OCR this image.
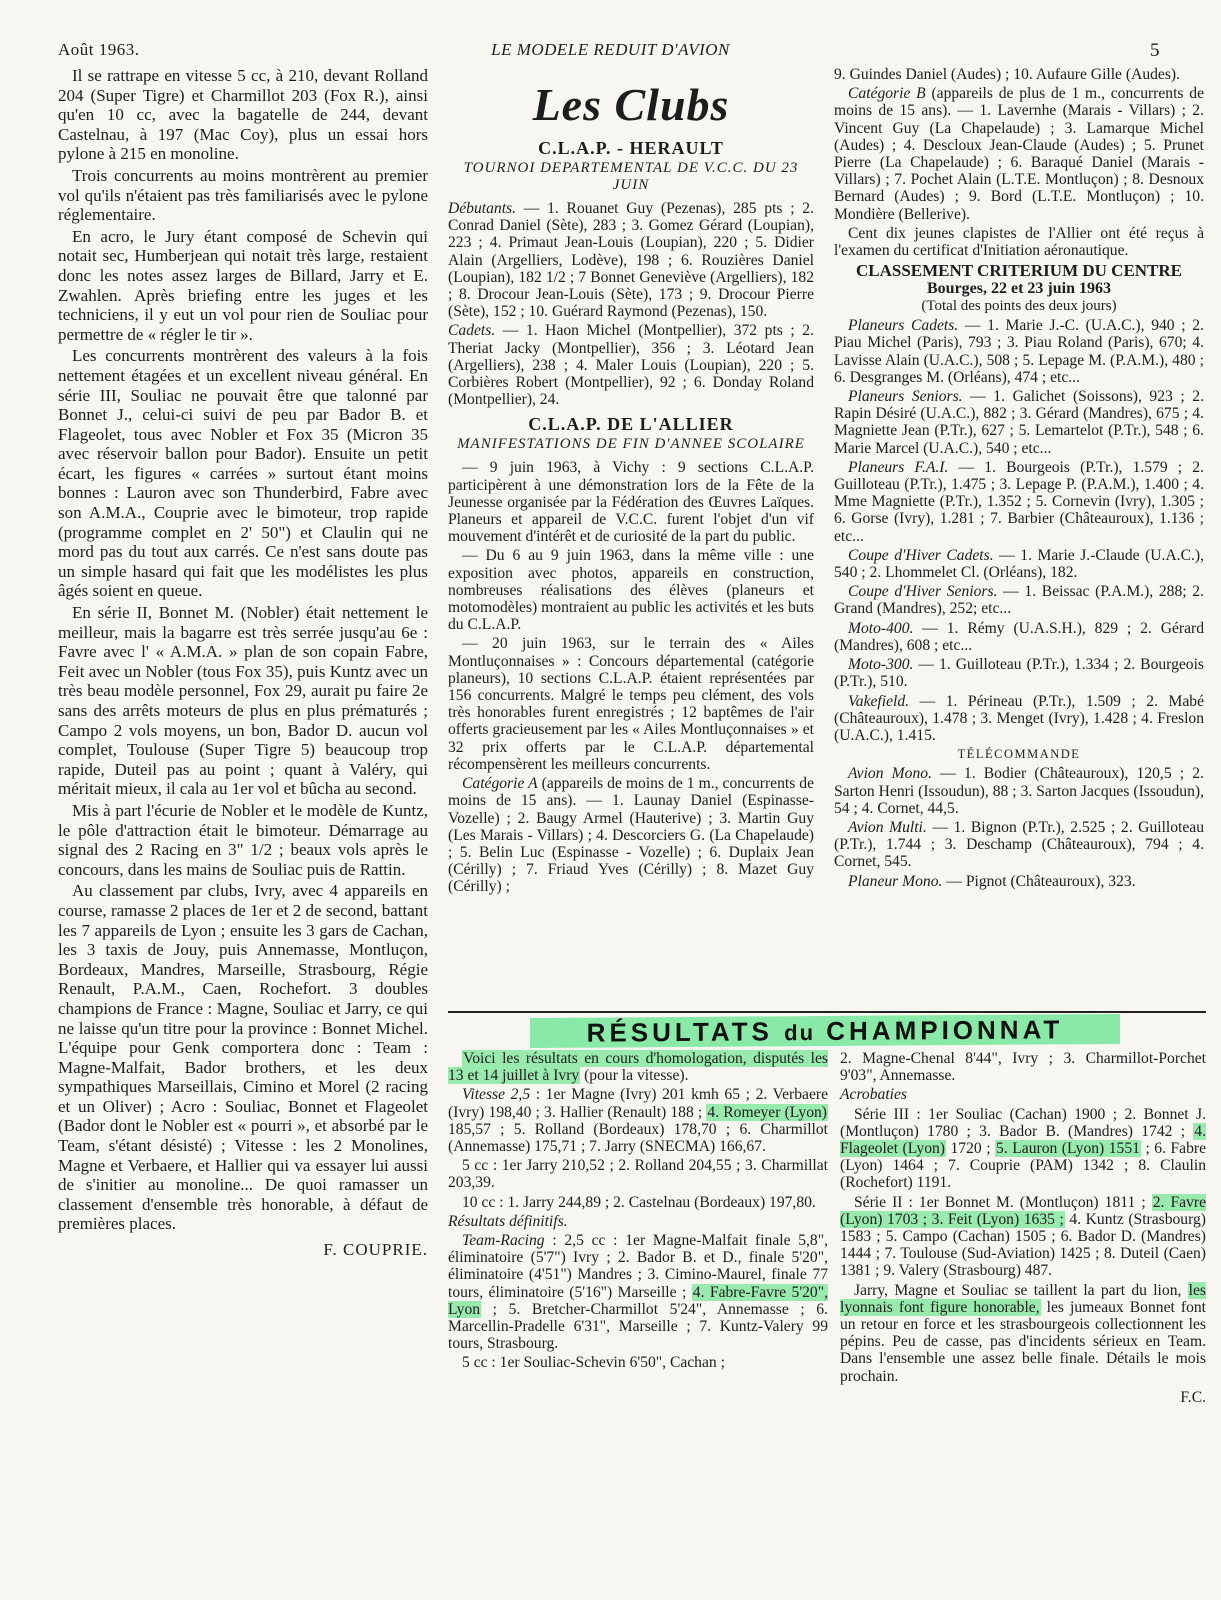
Août 1963.	LE MODELE REDUIT D'AVION	5

Il se rattrape en vitesse 5 cc, à 210, devant Rolland 204 (Super Tigre) et Charmillot 203 (Fox R.), ainsi qu'en 10 cc, avec la bagatelle de 244, devant Castelnau, à 197 (Mac Coy), plus un essai hors pylone à 215 en monoline.

Trois concurrents au moins montrèrent au premier vol qu'ils n'étaient pas très familiarisés avec le pylone réglementaire.

En acro, le Jury étant composé de Schevin qui notait sec, Humberjean qui notait très large, restaient donc les notes assez larges de Billard, Jarry et E. Zwahlen. Après briefing entre les juges et les techniciens, il y eut un vol pour rien de Souliac pour permettre de « régler le tir ».

Les concurrents montrèrent des valeurs à la fois nettement étagées et un excellent niveau général. En série III, Souliac ne pouvait être que talonné par Bonnet J., celui-ci suivi de peu par Bador B. et Flageolet, tous avec Nobler et Fox 35 (Micron 35 avec réservoir ballon pour Bador). Ensuite un petit écart, les figures « carrées » surtout étant moins bonnes : Lauron avec son Thunderbird, Fabre avec son A.M.A., Couprie avec le bimoteur, trop rapide (programme complet en 2' 50") et Claulin qui ne mord pas du tout aux carrés. Ce n'est sans doute pas un simple hasard qui fait que les modélistes les plus âgés soient en queue.

En série II, Bonnet M. (Nobler) était nettement le meilleur, mais la bagarre est très serrée jusqu'au 6e : Favre avec l' « A.M.A. » plan de son copain Fabre, Feit avec un Nobler (tous Fox 35), puis Kuntz avec un très beau modèle personnel, Fox 29, aurait pu faire 2e sans des arrêts moteurs de plus en plus prématurés ; Campo 2 vols moyens, un bon, Bador D. aucun vol complet, Toulouse (Super Tigre 5) beaucoup trop rapide, Duteil pas au point ; quant à Valéry, qui méritait mieux, il cala au 1er vol et bûcha au second.

Mis à part l'écurie de Nobler et le modèle de Kuntz, le pôle d'attraction était le bimoteur. Démarrage au signal des 2 Racing en 3" 1/2 ; beaux vols après le concours, dans les mains de Souliac puis de Rattin.

Au classement par clubs, Ivry, avec 4 appareils en course, ramasse 2 places de 1er et 2 de second, battant les 7 appareils de Lyon ; ensuite les 3 gars de Cachan, les 3 taxis de Jouy, puis Annemasse, Montluçon, Bordeaux, Mandres, Marseille, Strasbourg, Régie Renault, P.A.M., Caen, Rochefort. 3 doubles champions de France : Magne, Souliac et Jarry, ce qui ne laisse qu'un titre pour la province : Bonnet Michel. L'équipe pour Genk comportera donc : Team : Magne-Malfait, Bador brothers, et les deux sympathiques Marseillais, Cimino et Morel (2 racing et un Oliver) ; Acro : Souliac, Bonnet et Flageolet (Bador dont le Nobler est « pourri », et absorbé par le Team, s'étant désisté) ; Vitesse : les 2 Monolines, Magne et Verbaere, et Hallier qui va essayer lui aussi de s'initier au monoline... De quoi ramasser un classement d'ensemble très honorable, à défaut de premières places.

F. COUPRIE.
Les Clubs
C.L.A.P. - HERAULT
TOURNOI DEPARTEMENTAL DE V.C.C. DU 23 JUIN

Débutants. — 1. Rouanet Guy (Pezenas), 285 pts ; 2. Conrad Daniel (Sète), 283 ; 3. Gomez Gérard (Loupian), 223 ; 4. Primaut Jean-Louis (Loupian), 220 ; 5. Didier Alain (Argelliers, Lodève), 198 ; 6. Rouzières Daniel (Loupian), 182 1/2 ; 7 Bonnet Geneviève (Argelliers), 182 ; 8. Drocour Jean-Louis (Sète), 173 ; 9. Drocour Pierre (Sète), 152 ; 10. Guérard Raymond (Pezenas), 150.

Cadets. — 1. Haon Michel (Montpellier), 372 pts ; 2. Theriat Jacky (Montpellier), 356 ; 3. Léotard Jean (Argelliers), 238 ; 4. Maler Louis (Loupian), 220 ; 5. Corbières Robert (Montpellier), 92 ; 6. Donday Roland (Montpellier), 24.

C.L.A.P. DE L'ALLIER
MANIFESTATIONS DE FIN D'ANNEE SCOLAIRE

— 9 juin 1963, à Vichy : 9 sections C.L.A.P. participèrent à une démonstration lors de la Fête de la Jeunesse organisée par la Fédération des Œuvres Laïques. Planeurs et appareil de V.C.C. furent l'objet d'un vif mouvement d'intérêt et de curiosité de la part du public.

— Du 6 au 9 juin 1963, dans la même ville : une exposition avec photos, appareils en construction, nombreuses réalisations des élèves (planeurs et motomodèles) montraient au public les activités et les buts du C.L.A.P.

— 20 juin 1963, sur le terrain des « Ailes Montluçonnaises » : Concours départemental (catégorie planeurs), 10 sections C.L.A.P. étaient représentées par 156 concurrents. Malgré le temps peu clément, des vols très honorables furent enregistrés ; 12 baptêmes de l'air offerts gracieusement par les « Ailes Montluçonnaises » et 32 prix offerts par le C.L.A.P. départemental récompensèrent les meilleurs concurrents.

Catégorie A (appareils de moins de 1 m., concurrents de moins de 15 ans). — 1. Launay Daniel (Espinasse-Vozelle) ; 2. Baugy Armel (Hauterive) ; 3. Martin Guy (Les Marais - Villars) ; 4. Descorciers G. (La Chapelaude) ; 5. Belin Luc (Espinasse - Vozelle) ; 6. Duplaix Jean (Cérilly) ; 7. Friaud Yves (Cérilly) ; 8. Mazet Guy (Cérilly) ;

9. Guindes Daniel (Audes) ; 10. Aufaure Gille (Audes).

Catégorie B (appareils de plus de 1 m., concurrents de moins de 15 ans). — 1. Lavernhe (Marais - Villars) ; 2. Vincent Guy (La Chapelaude) ; 3. Lamarque Michel (Audes) ; 4. Descloux Jean-Claude (Audes) ; 5. Prunet Pierre (La Chapelaude) ; 6. Baraqué Daniel (Marais - Villars) ; 7. Pochet Alain (L.T.E. Montluçon) ; 8. Desnoux Bernard (Audes) ; 9. Bord (L.T.E. Montluçon) ; 10. Mondière (Bellerive).

Cent dix jeunes clapistes de l'Allier ont été reçus à l'examen du certificat d'Initiation aéronautique.

CLASSEMENT CRITERIUM DU CENTRE
Bourges, 22 et 23 juin 1963
(Total des points des deux jours)

Planeurs Cadets. — 1. Marie J.-C. (U.A.C.), 940 ; 2. Piau Michel (Paris), 793 ; 3. Piau Roland (Paris), 670; 4. Lavisse Alain (U.A.C.), 508 ; 5. Lepage M. (P.A.M.), 480 ; 6. Desgranges M. (Orléans), 474 ; etc...

Planeurs Seniors. — 1. Galichet (Soissons), 923 ; 2. Rapin Désiré (U.A.C.), 882 ; 3. Gérard (Mandres), 675 ; 4. Magniette Jean (P.Tr.), 627 ; 5. Lemartelot (P.Tr.), 548 ; 6. Marie Marcel (U.A.C.), 540 ; etc...

Planeurs F.A.I. — 1. Bourgeois (P.Tr.), 1.579 ; 2. Guilloteau (P.Tr.), 1.475 ; 3. Lepage P. (P.A.M.), 1.400 ; 4. Mme Magniette (P.Tr.), 1.352 ; 5. Cornevin (Ivry), 1.305 ; 6. Gorse (Ivry), 1.281 ; 7. Barbier (Châteauroux), 1.136 ; etc...

Coupe d'Hiver Cadets. — 1. Marie J.-Claude (U.A.C.), 540 ; 2. Lhommelet Cl. (Orléans), 182.

Coupe d'Hiver Seniors. — 1. Beissac (P.A.M.), 288; 2. Grand (Mandres), 252; etc...

Moto-400. — 1. Rémy (U.A.S.H.), 829 ; 2. Gérard (Mandres), 608 ; etc...

Moto-300. — 1. Guilloteau (P.Tr.), 1.334 ; 2. Bourgeois (P.Tr.), 510.

Vakefield. — 1. Périneau (P.Tr.), 1.509 ; 2. Mabé (Châteauroux), 1.478 ; 3. Menget (Ivry), 1.428 ; 4. Freslon (U.A.C.), 1.415.

TÉLÉCOMMANDE

Avion Mono. — 1. Bodier (Châteauroux), 120,5 ; 2. Sarton Henri (Issoudun), 88 ; 3. Sarton Jacques (Issoudun), 54 ; 4. Cornet, 44,5.

Avion Multi. — 1. Bignon (P.Tr.), 2.525 ; 2. Guilloteau (P.Tr.), 1.744 ; 3. Deschamp (Châteauroux), 794 ; 4. Cornet, 545.

Planeur Mono. — Pignot (Châteauroux), 323.

RÉSULTATS du CHAMPIONNAT

Voici les résultats en cours d'homologation, disputés les 13 et 14 juillet à Ivry (pour la vitesse).

Vitesse 2,5 : 1er Magne (Ivry) 201 kmh 65 ; 2. Verbaere (Ivry) 198,40 ; 3. Hallier (Renault) 188 ; 4. Romeyer (Lyon) 185,57 ; 5. Rolland (Bordeaux) 178,70 ; 6. Charmillot (Annemasse) 175,71 ; 7. Jarry (SNECMA) 166,67.

5 cc : 1er Jarry 210,52 ; 2. Rolland 204,55 ; 3. Charmillat 203,39.

10 cc : 1. Jarry 244,89 ; 2. Castelnau (Bordeaux) 197,80.

Résultats définitifs.

Team-Racing : 2,5 cc : 1er Magne-Malfait finale 5,8", éliminatoire (5'7") Ivry ; 2. Bador B. et D., finale 5'20", éliminatoire (4'51") Mandres ; 3. Cimino-Maurel, finale 77 tours, éliminatoire (5'16") Marseille ; 4. Fabre-Favre 5'20", Lyon ; 5. Bretcher-Charmillot 5'24", Annemasse ; 6. Marcellin-Pradelle 6'31", Marseille ; 7. Kuntz-Valery 99 tours, Strasbourg.

5 cc : 1er Souliac-Schevin 6'50", Cachan ;

2. Magne-Chenal 8'44", Ivry ; 3. Charmillot-Porchet 9'03", Annemasse.

Acrobaties

Série III : 1er Souliac (Cachan) 1900 ; 2. Bonnet J. (Montluçon) 1780 ; 3. Bador B. (Mandres) 1742 ; 4. Flageolet (Lyon) 1720 ; 5. Lauron (Lyon) 1551 ; 6. Fabre (Lyon) 1464 ; 7. Couprie (PAM) 1342 ; 8. Claulin (Rochefort) 1191.

Série II : 1er Bonnet M. (Montluçon) 1811 ; 2. Favre (Lyon) 1703 ; 3. Feit (Lyon) 1635 ; 4. Kuntz (Strasbourg) 1583 ; 5. Campo (Cachan) 1505 ; 6. Bador D. (Mandres) 1444 ; 7. Toulouse (Sud-Aviation) 1425 ; 8. Duteil (Caen) 1381 ; 9. Valery (Strasbourg) 487.

Jarry, Magne et Souliac se taillent la part du lion, les lyonnais font figure honorable, les jumeaux Bonnet font un retour en force et les strasbourgeois collectionnent les pépins. Peu de casse, pas d'incidents sérieux en Team. Dans l'ensemble une assez belle finale. Détails le mois prochain.

F.C.
